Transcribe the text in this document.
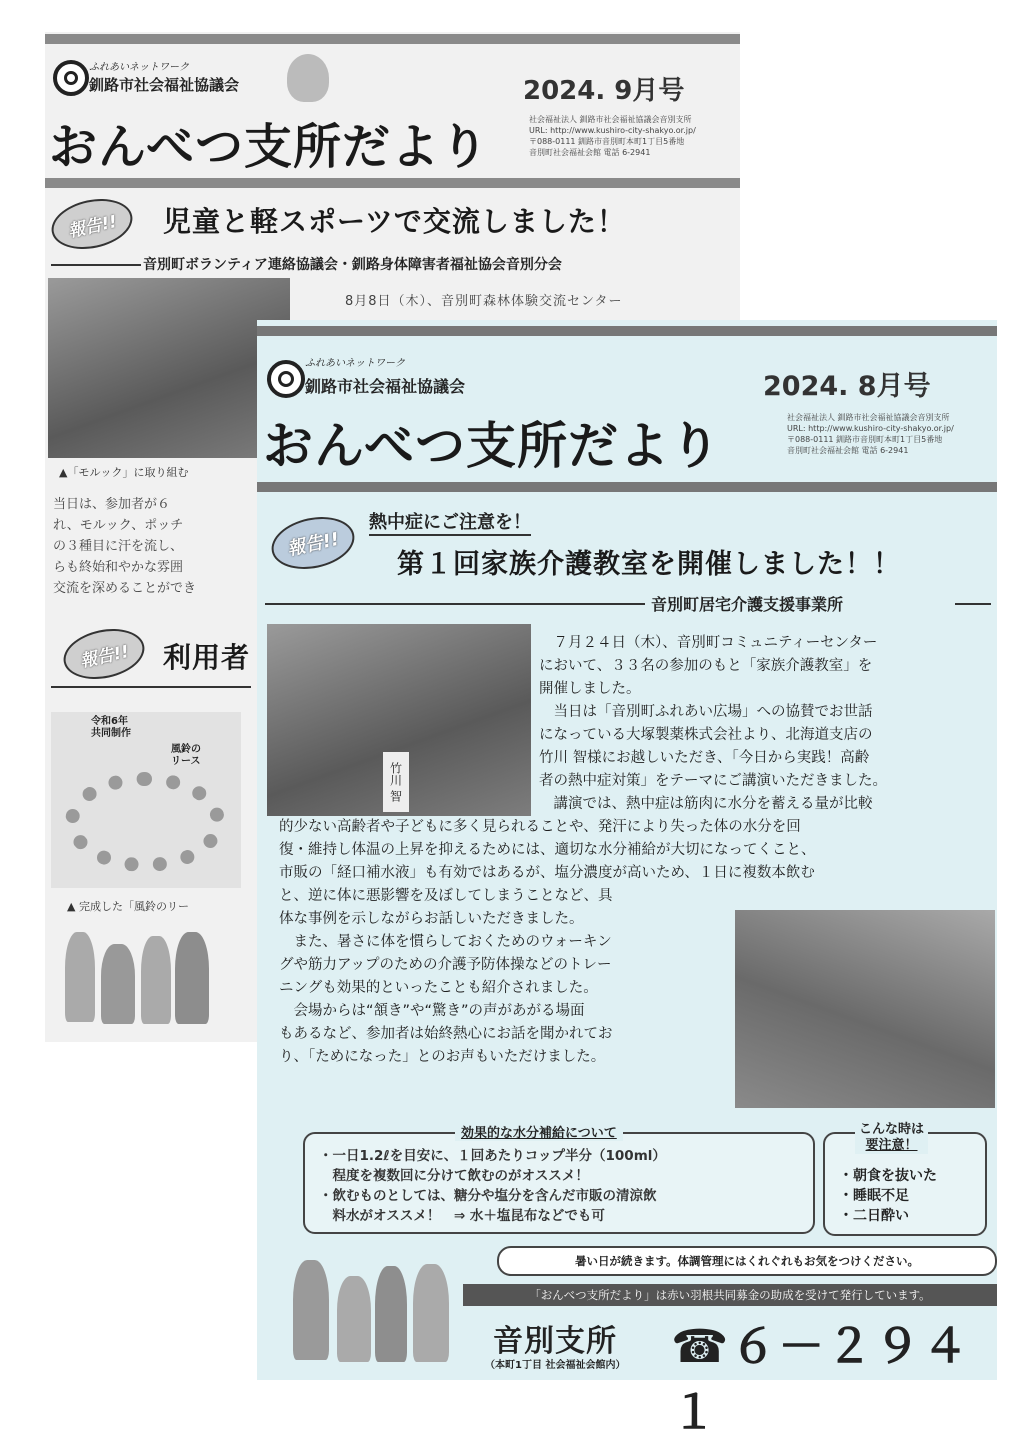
ふれあいネットワーク
釧路市社会福祉協議会	2024. 9月号
おんべつ支所だより	社会福祉法人 釧路市社会福祉協議会音別支所
URL: http://www.kushiro-city-shakyo.or.jp/
〒088-0111 釧路市音別町本町1丁目5番地
音別町社会福祉会館 電話 6-2941
報告!!	児童と軽スポーツで交流しました！
音別町ボランティア連絡協議会・釧路身体障害者福祉協会音別分会
8月8日（木）、音別町森林体験交流センター
▲「モルック」に取り組む
当日は、参加者が６
れ、モルック、ポッチ
の３種目に汗を流し、
らも終始和やかな雰囲
交流を深めることができ
報告!!	利用者
令和6年
共同制作
風鈴の
リース
▲ 完成した「風鈴のリー
ふれあいネットワーク
釧路市社会福祉協議会	2024. 8月号
おんべつ支所だより	社会福祉法人 釧路市社会福祉協議会音別支所
URL: http://www.kushiro-city-shakyo.or.jp/
〒088-0111 釧路市音別町本町1丁目5番地
音別町社会福祉会館 電話 6-2941
報告!!
熱中症にご注意を！
第１回家族介護教室を開催しました！！
音別町居宅介護支援事業所
竹川 智
７月２４日（木）、音別町コミュニティーセンター
において、３３名の参加のもと「家族介護教室」を
開催しました。
当日は「音別町ふれあい広場」への協賛でお世話
になっている大塚製薬株式会社より、北海道支店の
竹川 智様にお越しいただき、「今日から実践！高齢
者の熱中症対策」をテーマにご講演いただきました。
講演では、熱中症は筋肉に水分を蓄える量が比較
的少ない高齢者や子どもに多く見られることや、発汗により失った体の水分を回
復・維持し体温の上昇を抑えるためには、適切な水分補給が大切になってくこと、
市販の「経口補水液」も有効ではあるが、塩分濃度が高いため、１日に複数本飲む
と、逆に体に悪影響を及ぼしてしまうことなど、具
体な事例を示しながらお話しいただきました。
また、暑さに体を慣らしておくためのウォーキン
グや筋力アップのための介護予防体操などのトレー
ニングも効果的といったことも紹介されました。
会場からは“頷き”や“驚き”の声があがる場面
もあるなど、参加者は始終熱心にお話を聞かれてお
り、「ためになった」とのお声もいただけました。
効果的な水分補給について
・一日1.2ℓを目安に、１回あたりコップ半分（100ml）
　程度を複数回に分けて飲むのがオススメ！
・飲むものとしては、糖分や塩分を含んだ市販の清涼飲
　料水がオススメ！　⇒ 水＋塩昆布などでも可
こんな時は
要注意！
・朝食を抜いた
・睡眠不足
・二日酔い
暑い日が続きます。体調管理にはくれぐれもお気をつけください。
「おんべつ支所だより」は赤い羽根共同募金の助成を受けて発行しています。
音別支所
（本町1丁目 社会福祉会館内） ☎６－２９４１
